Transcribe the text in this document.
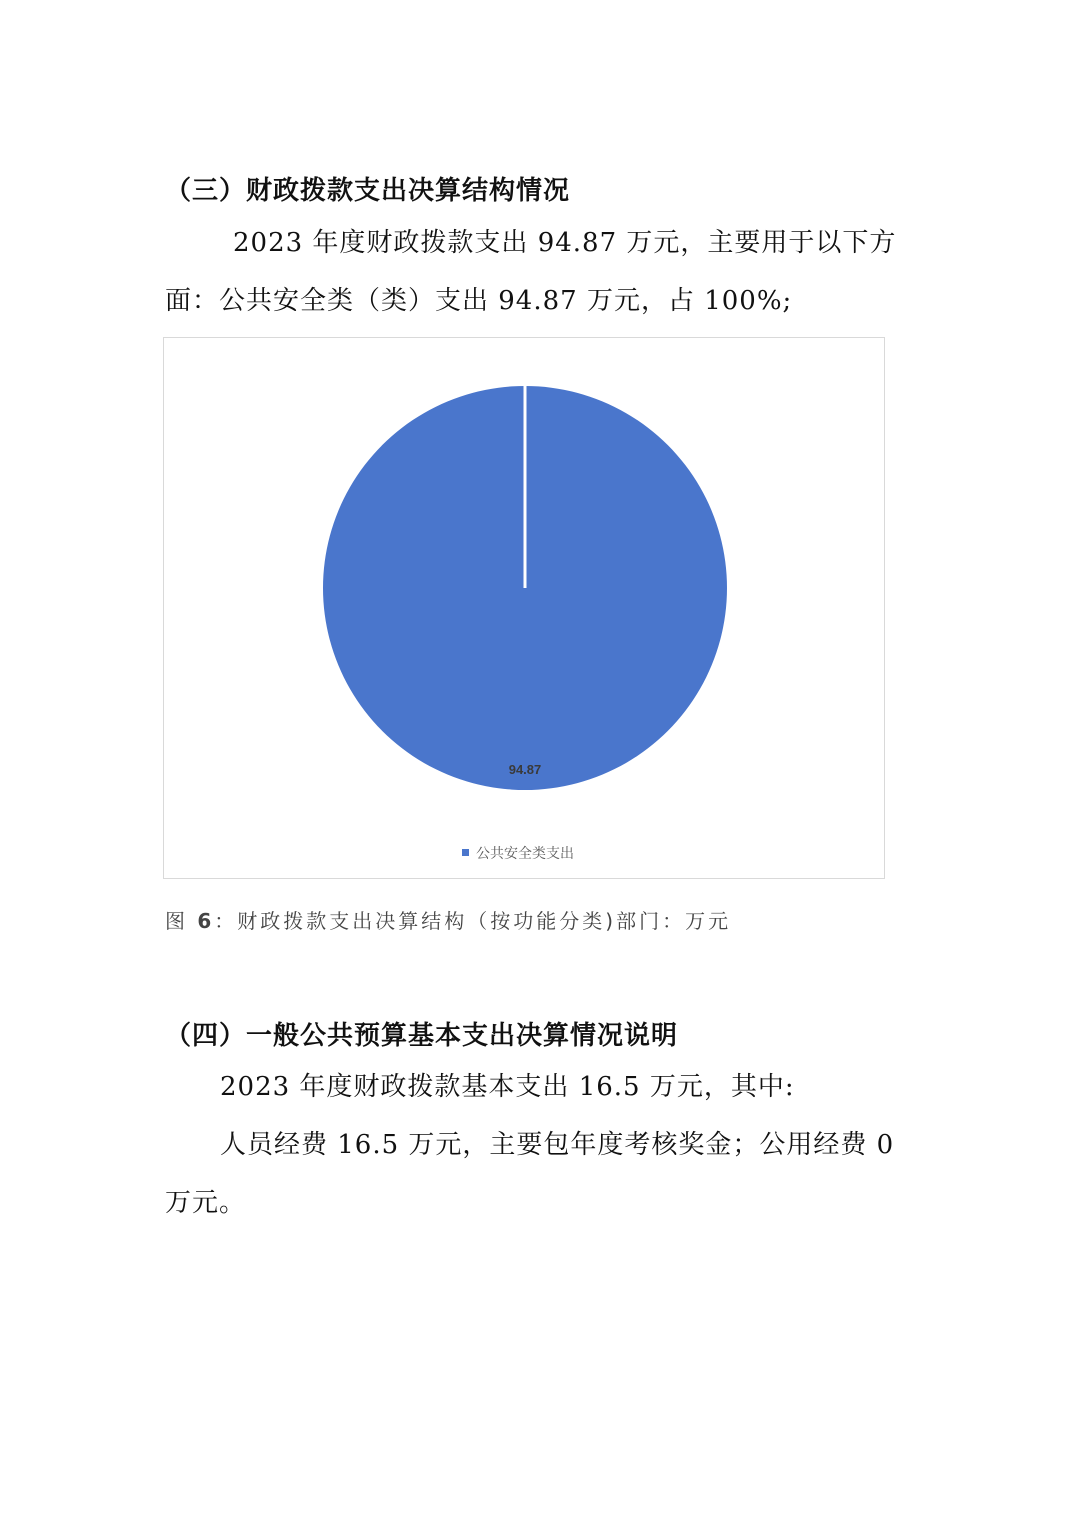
（三）财政拨款支出决算结构情况
2023 年度财政拨款支出 94.87 万元，主要用于以下方
面：公共安全类（类）支出 94.87 万元，占 100%;
94.87
公共安全类支出
图 6：财政拨款支出决算结构（按功能分类)部门：万元
（四）一般公共预算基本支出决算情况说明
2023 年度财政拨款基本支出 16.5 万元，其中:
人员经费 16.5 万元，主要包年度考核奖金；公用经费 0
万元。
